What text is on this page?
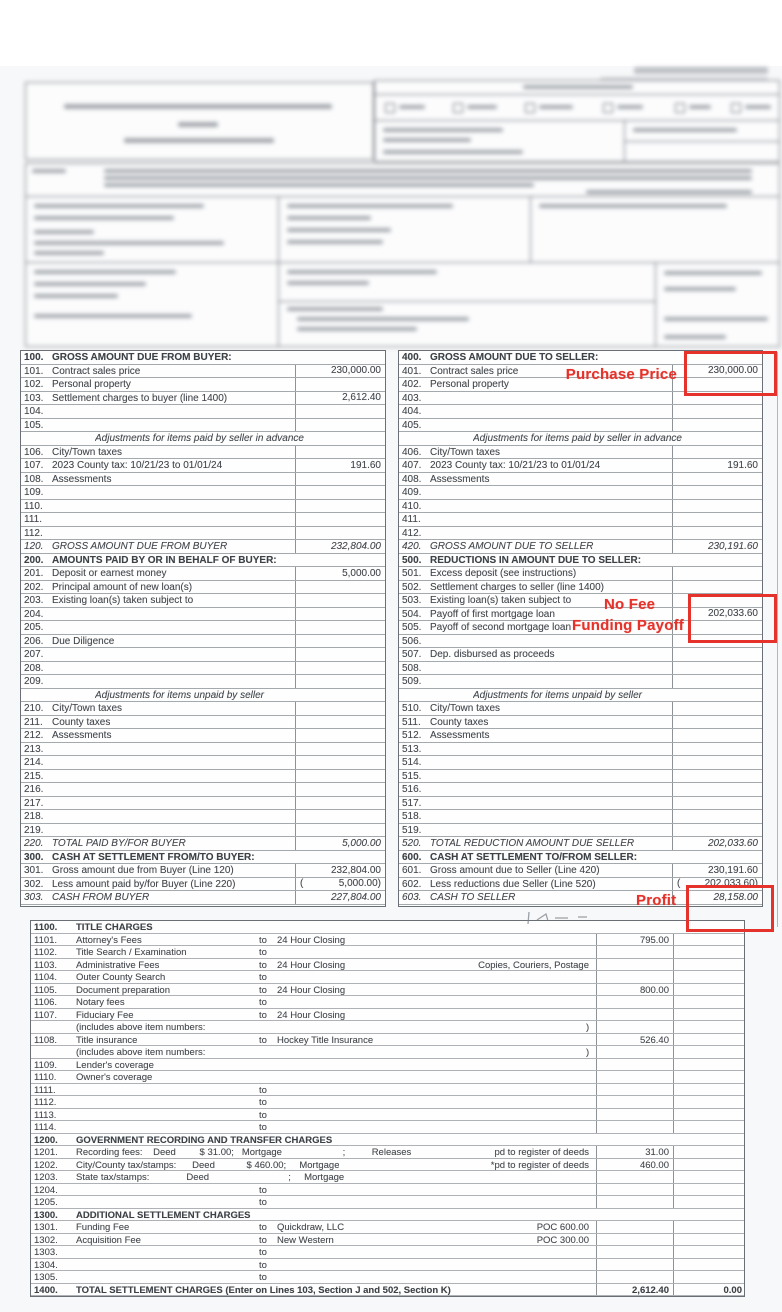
100. GROSS AMOUNT DUE FROM BUYER:
101. Contract sales price	230,000.00
102. Personal property
103. Settlement charges to buyer (line 1400)	2,612.40
104.
105.
Adjustments for items paid by seller in advance
106. City/Town taxes
107. 2023 County tax: 10/21/23 to 01/01/24	191.60
108. Assessments
109.
110.
111.
112.
120. GROSS AMOUNT DUE FROM BUYER	232,804.00
200. AMOUNTS PAID BY OR IN BEHALF OF BUYER:
201. Deposit or earnest money	5,000.00
202. Principal amount of new loan(s)
203. Existing loan(s) taken subject to
204.
205.
206. Due Diligence
207.
208.
209.
Adjustments for items unpaid by seller
210. City/Town taxes
211. County taxes
212. Assessments
213.
214.
215.
216.
217.
218.
219.
220. TOTAL PAID BY/FOR BUYER	5,000.00
300. CASH AT SETTLEMENT FROM/TO BUYER:
301. Gross amount due from Buyer (Line 120)	232,804.00
302. Less amount paid by/for Buyer (Line 220)	(	5,000.00)
303. CASH FROM BUYER	227,804.00
400. GROSS AMOUNT DUE TO SELLER:
401. Contract sales price	230,000.00
402. Personal property
403.
404.
405.
Adjustments for items paid by seller in advance
406. City/Town taxes
407. 2023 County tax: 10/21/23 to 01/01/24	191.60
408. Assessments
409.
410.
411.
412.
420. GROSS AMOUNT DUE TO SELLER	230,191.60
500. REDUCTIONS IN AMOUNT DUE TO SELLER:
501. Excess deposit (see instructions)
502. Settlement charges to seller (line 1400)
503. Existing loan(s) taken subject to
504. Payoff of first mortgage loan	202,033.60
505. Payoff of second mortgage loan
506.
507. Dep. disbursed as proceeds
508.
509.
Adjustments for items unpaid by seller
510. City/Town taxes
511. County taxes
512. Assessments
513.
514.
515.
516.
517.
518.
519.
520. TOTAL REDUCTION AMOUNT DUE SELLER	202,033.60
600. CASH AT SETTLEMENT TO/FROM SELLER:
601. Gross amount due to Seller (Line 420)	230,191.60
602. Less reductions due Seller (Line 520)	( 202,033.60)
603. CASH TO SELLER	28,158.00
1100. TITLE CHARGES
1101. Attorney's Fees	to 24 Hour Closing	795.00
1102. Title Search / Examination	to
1103. Administrative Fees	to 24 Hour Closing	Copies, Couriers, Postage
1104. Outer County Search	to
1105. Document preparation	to 24 Hour Closing	800.00
1106. Notary fees	to
1107. Fiduciary Fee	to 24 Hour Closing
(includes above item numbers:	)
1108. Title insurance	to Hockey Title Insurance	526.40
(includes above item numbers:	)
1109. Lender's coverage
1110. Owner's coverage
1111.	to
1112.	to
1113.	to
1114.	to
1200. GOVERNMENT RECORDING AND TRANSFER CHARGES
1201. Recording fees:    Deed         $ 31.00;   Mortgage                       ;          Releases	pd to register of deeds	31.00
1202. City/County tax/stamps:      Deed            $ 460.00;     Mortgage	*pd to register of deeds	460.00
1203. State tax/stamps:              Deed                              ;     Mortgage
1204.	to
1205.	to
1300. ADDITIONAL SETTLEMENT CHARGES
1301. Funding Fee	to Quickdraw, LLC	POC 600.00
1302. Acquisition Fee	to New Western	POC 300.00
1303.	to
1304.	to
1305.	to
1400. TOTAL SETTLEMENT CHARGES (Enter on Lines 103, Section J and 502, Section K)	2,612.40	0.00
Purchase Price
No Fee
Funding Payoff
Profit
